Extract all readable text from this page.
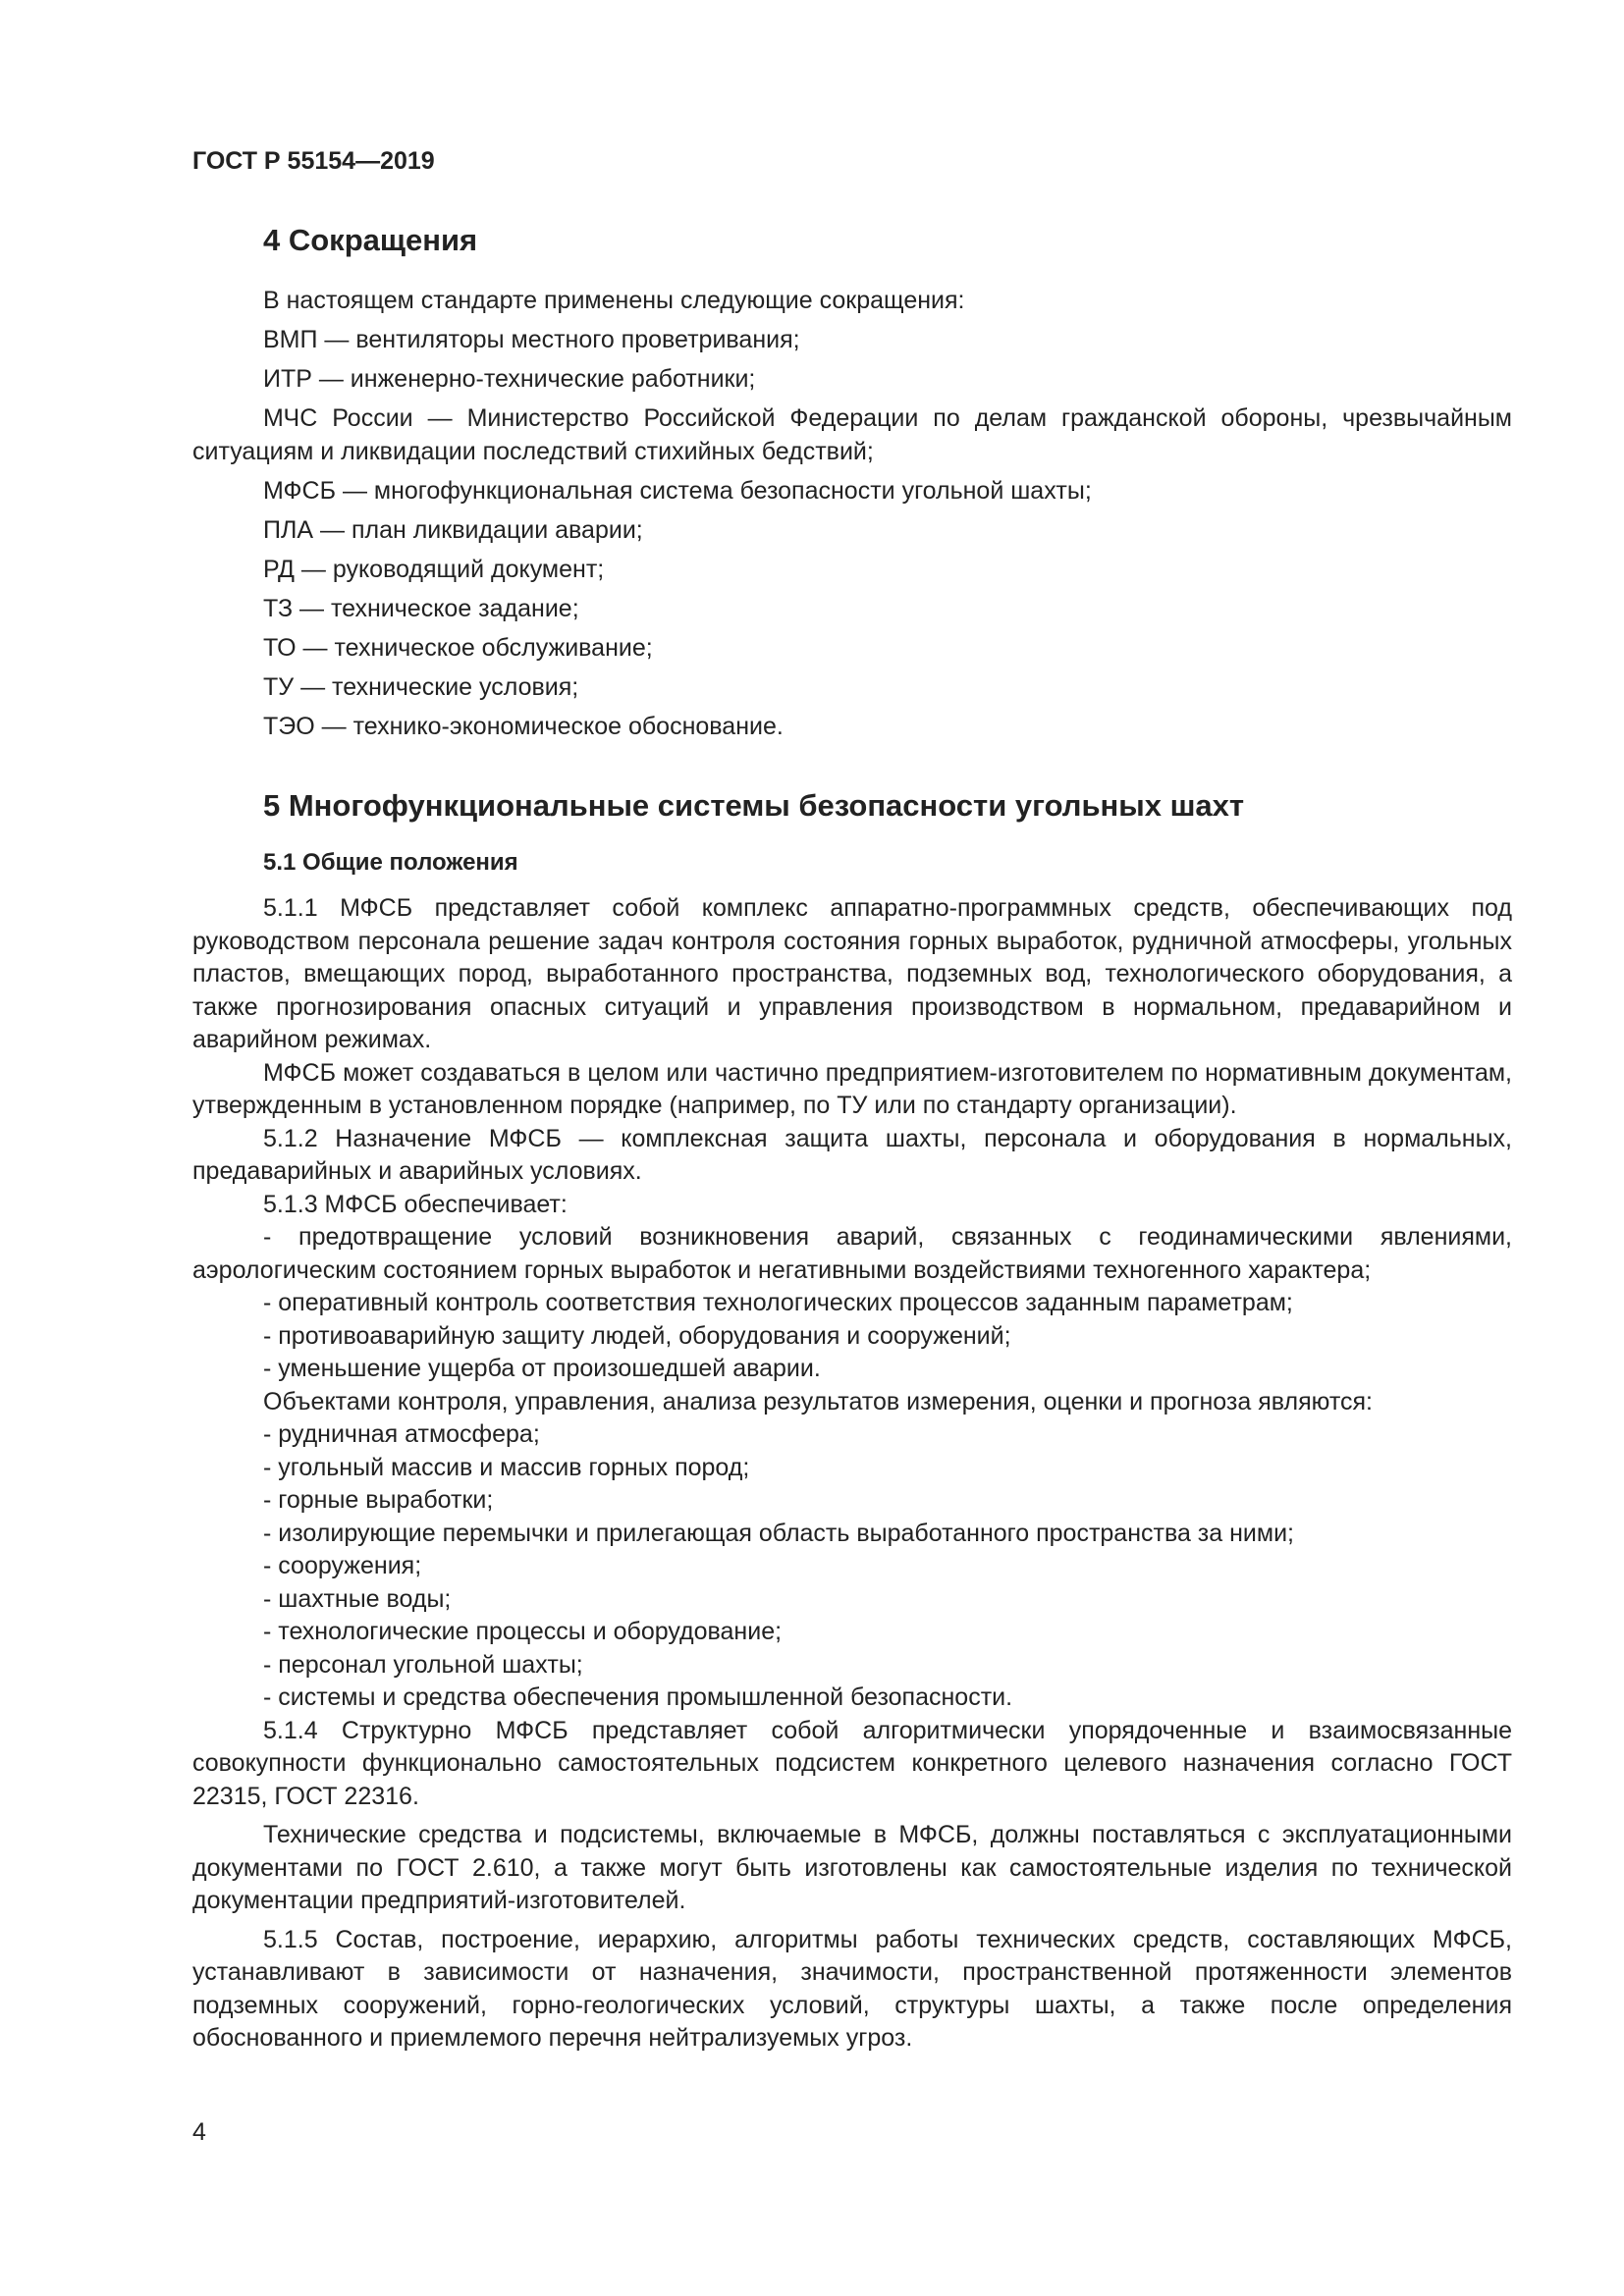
ГОСТ Р 55154—2019
4 Сокращения

В настоящем стандарте применены следующие сокращения:

ВМП — вентиляторы местного проветривания;

ИТР — инженерно-технические работники;

МЧС России — Министерство Российской Федерации по делам гражданской обороны, чрезвычайным ситуациям и ликвидации последствий стихийных бедствий;

МФСБ — многофункциональная система безопасности угольной шахты;

ПЛА — план ликвидации аварии;

РД — руководящий документ;

ТЗ — техническое задание;

ТО — техническое обслуживание;

ТУ — технические условия;

ТЭО — технико-экономическое обоснование.

5 Многофункциональные системы безопасности угольных шахт
5.1 Общие положения

5.1.1 МФСБ представляет собой комплекс аппаратно-программных средств, обеспечивающих под руководством персонала решение задач контроля состояния горных выработок, рудничной атмосферы, угольных пластов, вмещающих пород, выработанного пространства, подземных вод, технологического оборудования, а также прогнозирования опасных ситуаций и управления производством в нормальном, предаварийном и аварийном режимах.

МФСБ может создаваться в целом или частично предприятием-изготовителем по нормативным документам, утвержденным в установленном порядке (например, по ТУ или по стандарту организации).

5.1.2 Назначение МФСБ — комплексная защита шахты, персонала и оборудования в нормальных, предаварийных и аварийных условиях.

5.1.3 МФСБ обеспечивает:

- предотвращение условий возникновения аварий, связанных с геодинамическими явлениями, аэрологическим состоянием горных выработок и негативными воздействиями техногенного характера;

- оперативный контроль соответствия технологических процессов заданным параметрам;

- противоаварийную защиту людей, оборудования и сооружений;

- уменьшение ущерба от произошедшей аварии.

Объектами контроля, управления, анализа результатов измерения, оценки и прогноза являются:

- рудничная атмосфера;

- угольный массив и массив горных пород;

- горные выработки;

- изолирующие перемычки и прилегающая область выработанного пространства за ними;

- сооружения;

- шахтные воды;

- технологические процессы и оборудование;

- персонал угольной шахты;

- системы и средства обеспечения промышленной безопасности.

5.1.4 Структурно МФСБ представляет собой алгоритмически упорядоченные и взаимосвязанные совокупности функционально самостоятельных подсистем конкретного целевого назначения согласно ГОСТ 22315, ГОСТ 22316.

Технические средства и подсистемы, включаемые в МФСБ, должны поставляться с эксплуатационными документами по ГОСТ 2.610, а также могут быть изготовлены как самостоятельные изделия по технической документации предприятий-изготовителей.

5.1.5 Состав, построение, иерархию, алгоритмы работы технических средств, составляющих МФСБ, устанавливают в зависимости от назначения, значимости, пространственной протяженности элементов подземных сооружений, горно-геологических условий, структуры шахты, а также после определения обоснованного и приемлемого перечня нейтрализуемых угроз.

4
